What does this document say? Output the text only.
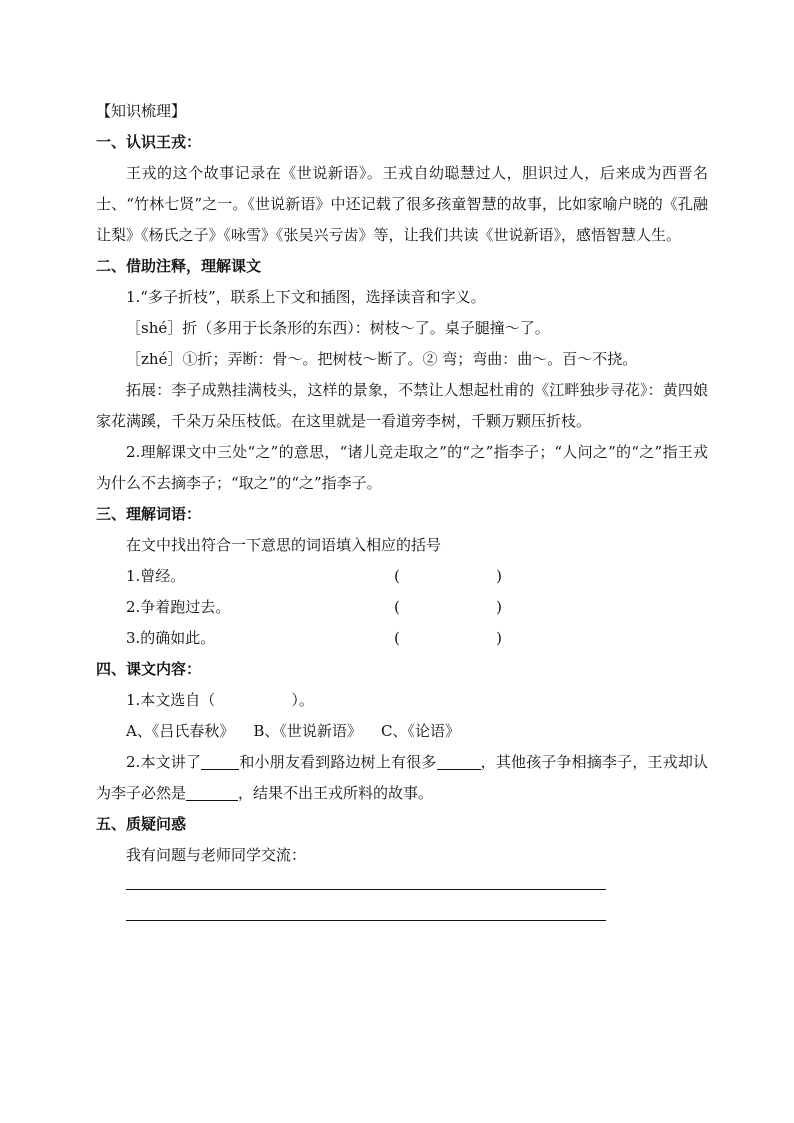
【知识梳理】
一、认识王戎：
王戎的这个故事记录在《世说新语》。王戎自幼聪慧过人，胆识过人，后来成为西晋名士、“竹林七贤”之一。《世说新语》中还记载了很多孩童智慧的故事，比如家喻户晓的《孔融让梨》《杨氏之子》《咏雪》《张吴兴亏齿》等，让我们共读《世说新语》，感悟智慧人生。
二、借助注释，理解课文
1.“多子折枝”，联系上下文和插图，选择读音和字义。
［shé］折（多用于长条形的东西）：树枝～了。桌子腿撞～了。
［zhé］①折；弄断：骨～。把树枝～断了。② 弯；弯曲：曲～。百～不挠。
拓展：李子成熟挂满枝头，这样的景象，不禁让人想起杜甫的《江畔独步寻花》：黄四娘家花满蹊，千朵万朵压枝低。在这里就是一看道旁李树，千颗万颗压折枝。
2.理解课文中三处“之”的意思，“诸儿竞走取之”的“之”指李子；“人问之”的“之”指王戎为什么不去摘李子；“取之”的“之”指李子。
三、理解词语：
在文中找出符合一下意思的词语填入相应的括号
1.曾经。	(	)
2.争着跑过去。	(	)
3.的确如此。	(	)
四、课文内容：
1.本文选自（	）。
A、《吕氏春秋》    B、《世说新语》    C、《论语》
2.本文讲了	和小朋友看到路边树上有很多	，其他孩子争相摘李子，王戎却认为李子必然是	，结果不出王戎所料的故事。
五、质疑问惑
我有问题与老师同学交流：
